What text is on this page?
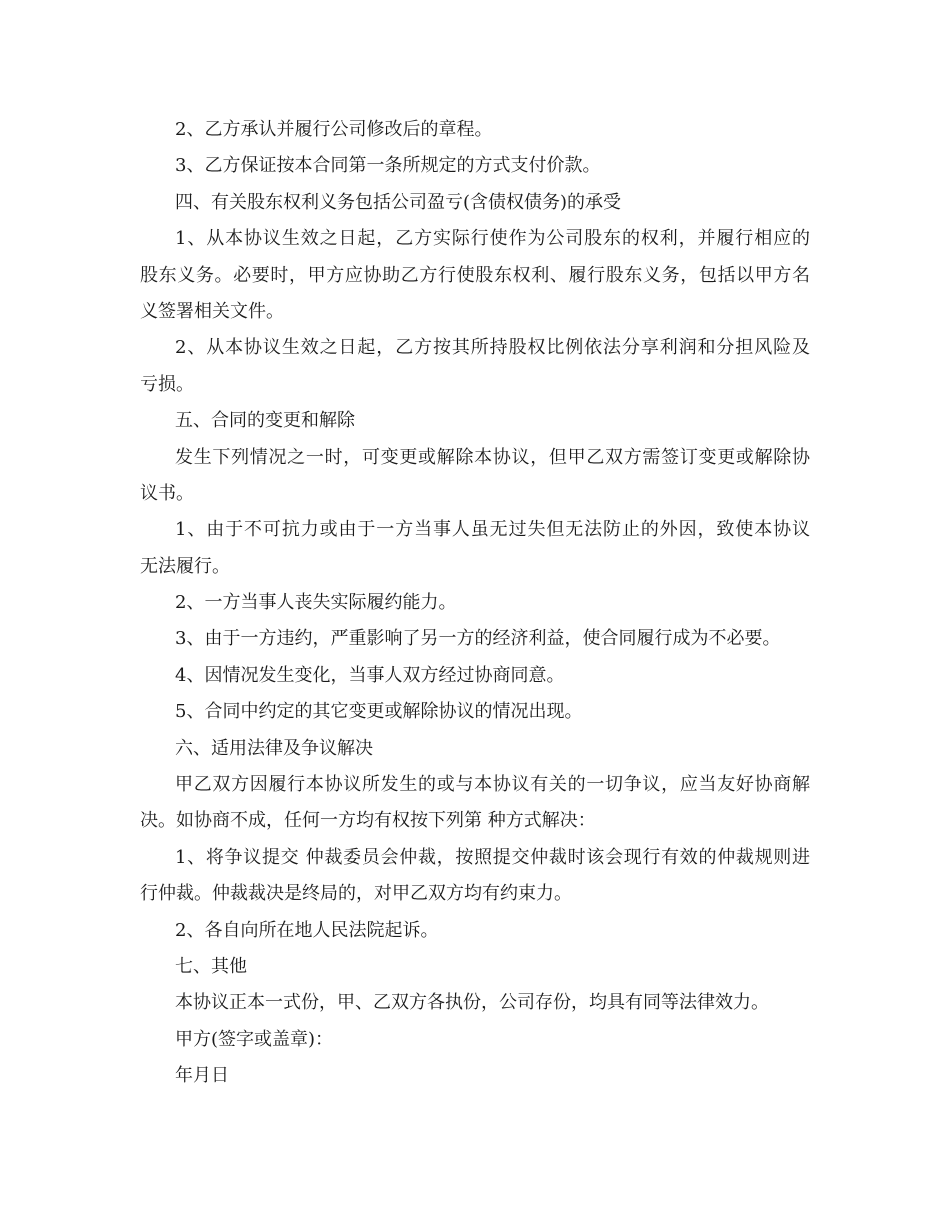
2、乙方承认并履行公司修改后的章程。
3、乙方保证按本合同第一条所规定的方式支付价款。
四、有关股东权利义务包括公司盈亏(含债权债务)的承受
1、从本协议生效之日起，乙方实际行使作为公司股东的权利，并履行相应的
股东义务。必要时，甲方应协助乙方行使股东权利、履行股东义务，包括以甲方名
义签署相关文件。
2、从本协议生效之日起，乙方按其所持股权比例依法分享利润和分担风险及
亏损。
五、合同的变更和解除
发生下列情况之一时，可变更或解除本协议，但甲乙双方需签订变更或解除协
议书。
1、由于不可抗力或由于一方当事人虽无过失但无法防止的外因，致使本协议
无法履行。
2、一方当事人丧失实际履约能力。
3、由于一方违约，严重影响了另一方的经济利益，使合同履行成为不必要。
4、因情况发生变化，当事人双方经过协商同意。
5、合同中约定的其它变更或解除协议的情况出现。
六、适用法律及争议解决
甲乙双方因履行本协议所发生的或与本协议有关的一切争议，应当友好协商解
决。如协商不成，任何一方均有权按下列第 种方式解决：
1、将争议提交 仲裁委员会仲裁，按照提交仲裁时该会现行有效的仲裁规则进
行仲裁。仲裁裁决是终局的，对甲乙双方均有约束力。
2、各自向所在地人民法院起诉。
七、其他
本协议正本一式份，甲、乙双方各执份，公司存份，均具有同等法律效力。
甲方(签字或盖章)：
年月日
